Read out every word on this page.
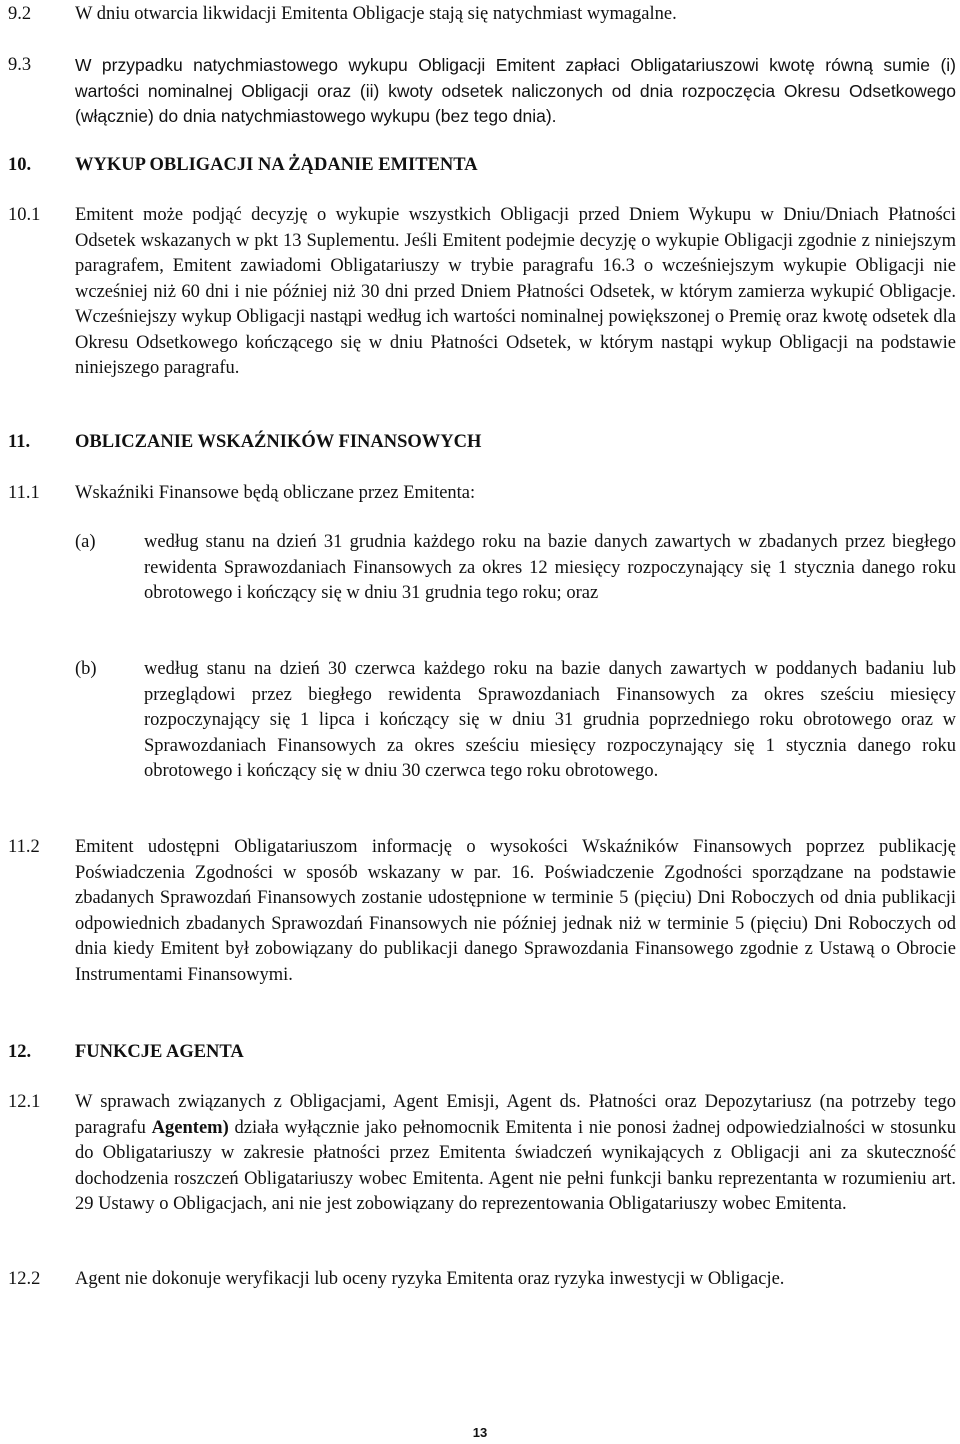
9.2 W dniu otwarcia likwidacji Emitenta Obligacje stają się natychmiast wymagalne.
9.3	W przypadku natychmiastowego wykupu Obligacji Emitent zapłaci Obligatariuszowi kwotę równą sumie (i) wartości nominalnej Obligacji oraz (ii) kwoty odsetek naliczonych od dnia rozpoczęcia Okresu Odsetkowego (włącznie) do dnia natychmiastowego wykupu (bez tego dnia).
10. WYKUP OBLIGACJI NA ŻĄDANIE EMITENTA
10.1 Emitent może podjąć decyzję o wykupie wszystkich Obligacji przed Dniem Wykupu w Dniu/Dniach Płatności Odsetek wskazanych w pkt 13 Suplementu. Jeśli Emitent podejmie decyzję o wykupie Obligacji zgodnie z niniejszym paragrafem, Emitent zawiadomi Obligatariuszy w trybie paragrafu 16.3 o wcześniejszym wykupie Obligacji nie wcześniej niż 60 dni i nie później niż 30 dni przed Dniem Płatności Odsetek, w którym zamierza wykupić Obligacje. Wcześniejszy wykup Obligacji nastąpi według ich wartości nominalnej powiększonej o Premię oraz kwotę odsetek dla Okresu Odsetkowego kończącego się w dniu Płatności Odsetek, w którym nastąpi wykup Obligacji na podstawie niniejszego paragrafu.
11. OBLICZANIE WSKAŹNIKÓW FINANSOWYCH
11.1 Wskaźniki Finansowe będą obliczane przez Emitenta:
(a)	według stanu na dzień 31 grudnia każdego roku na bazie danych zawartych w zbadanych przez biegłego rewidenta Sprawozdaniach Finansowych za okres 12 miesięcy rozpoczynający się 1 stycznia danego roku obrotowego i kończący się w dniu 31 grudnia tego roku; oraz
(b)	według stanu na dzień 30 czerwca każdego roku na bazie danych zawartych w poddanych badaniu lub przeglądowi przez biegłego rewidenta Sprawozdaniach Finansowych za okres sześciu miesięcy rozpoczynający się 1 lipca i kończący się w dniu 31 grudnia poprzedniego roku obrotowego oraz w Sprawozdaniach Finansowych za okres sześciu miesięcy rozpoczynający się 1 stycznia danego roku obrotowego i kończący się w dniu 30 czerwca tego roku obrotowego.
11.2 Emitent udostępni Obligatariuszom informację o wysokości Wskaźników Finansowych poprzez publikację Poświadczenia Zgodności w sposób wskazany w par. 16. Poświadczenie Zgodności sporządzane na podstawie zbadanych Sprawozdań Finansowych zostanie udostępnione w terminie 5 (pięciu) Dni Roboczych od dnia publikacji odpowiednich zbadanych Sprawozdań Finansowych nie później jednak niż w terminie 5 (pięciu) Dni Roboczych od dnia kiedy Emitent był zobowiązany do publikacji danego Sprawozdania Finansowego zgodnie z Ustawą o Obrocie Instrumentami Finansowymi.
12. FUNKCJE AGENTA
12.1 W sprawach związanych z Obligacjami, Agent Emisji, Agent ds. Płatności oraz Depozytariusz (na potrzeby tego paragrafu Agentem) działa wyłącznie jako pełnomocnik Emitenta i nie ponosi żadnej odpowiedzialności w stosunku do Obligatariuszy w zakresie płatności przez Emitenta świadczeń wynikających z Obligacji ani za skuteczność dochodzenia roszczeń Obligatariuszy wobec Emitenta. Agent nie pełni funkcji banku reprezentanta w rozumieniu art. 29 Ustawy o Obligacjach, ani nie jest zobowiązany do reprezentowania Obligatariuszy wobec Emitenta.
12.2 Agent nie dokonuje weryfikacji lub oceny ryzyka Emitenta oraz ryzyka inwestycji w Obligacje.
13
